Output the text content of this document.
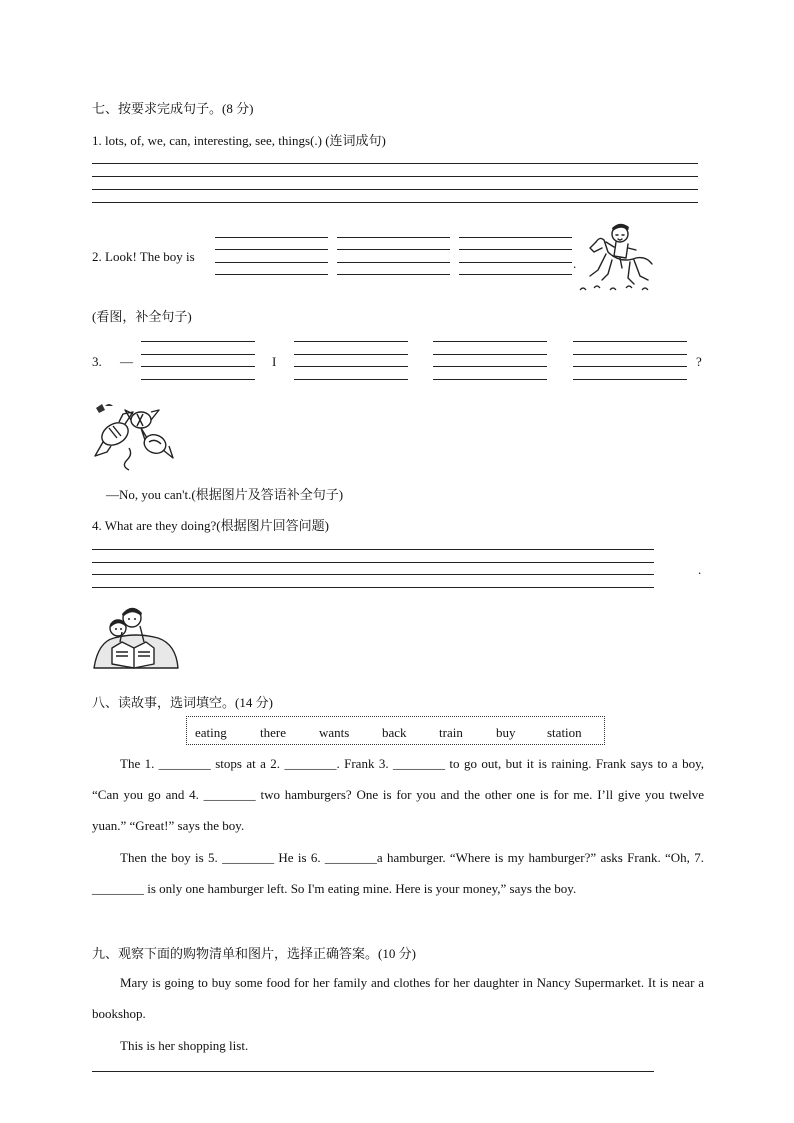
七、按要求完成句子。(8 分)
1. lots, of, we, can, interesting, see, things(.) (连词成句)
2. Look! The boy is	.
(看图，补全句子)
3. —	I	?
—No, you can't.(根据图片及答语补全句子)
4. What are they doing?(根据图片回答问题)
.
八、读故事，选词填空。(14 分)
eating	there	wants	back train	buy station
The 1. ________ stops at a 2. ________. Frank 3. ________ to go out, but it is raining. Frank says to a boy, “Can you go and 4. ________ two hamburgers? One is for you and the other one is for me. I’ll give you twelve yuan.” “Great!” says the boy.
Then the boy is 5. ________ He is 6. ________a hamburger. “Where is my hamburger?” asks Frank. “Oh, 7. ________ is only one hamburger left. So I'm eating mine. Here is your money,” says the boy.
九、观察下面的购物清单和图片，选择正确答案。(10 分)
Mary is going to buy some food for her family and clothes for her daughter in Nancy Supermarket. It is near a bookshop.
This is her shopping list.
